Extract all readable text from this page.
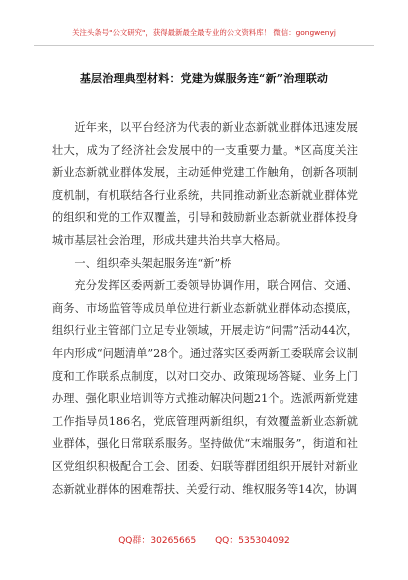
关注头条号"公文研究"，获得最新最全最专业的公文资料库！ 微信：gongwenyj
基层治理典型材料：党建为媒服务连“新”治理联动

近年来，以平台经济为代表的新业态新就业群体迅速发展壮大，成为了经济社会发展中的一支重要力量。*区高度关注新业态新就业群体发展，主动延伸党建工作触角，创新各项制度机制，有机联结各行业系统，共同推动新业态新就业群体党的组织和党的工作双覆盖，引导和鼓励新业态新就业群体投身城市基层社会治理，形成共建共治共享大格局。

一、组织牵头架起服务连“新”桥

充分发挥区委两新工委领导协调作用，联合网信、交通、商务、市场监管等成员单位进行新业态新就业群体动态摸底，组织行业主管部门立足专业领域，开展走访“问需”活动44次，年内形成“问题清单”28个。通过落实区委两新工委联席会议制度和工作联系点制度，以对口交办、政策现场答疑、业务上门办理、强化职业培训等方式推动解决问题21个。选派两新党建工作指导员186名，党底管理两新组织，有效覆盖新业态新就业群体，强化日常联系服务。坚持做优“末端服务”，街道和社区党组织积极配合工会、团委、妇联等群团组织开展针对新业态新就业群体的困难帮扶、关爱行动、维权服务等14次，协调

QQ群：30265665 QQ：535304092
